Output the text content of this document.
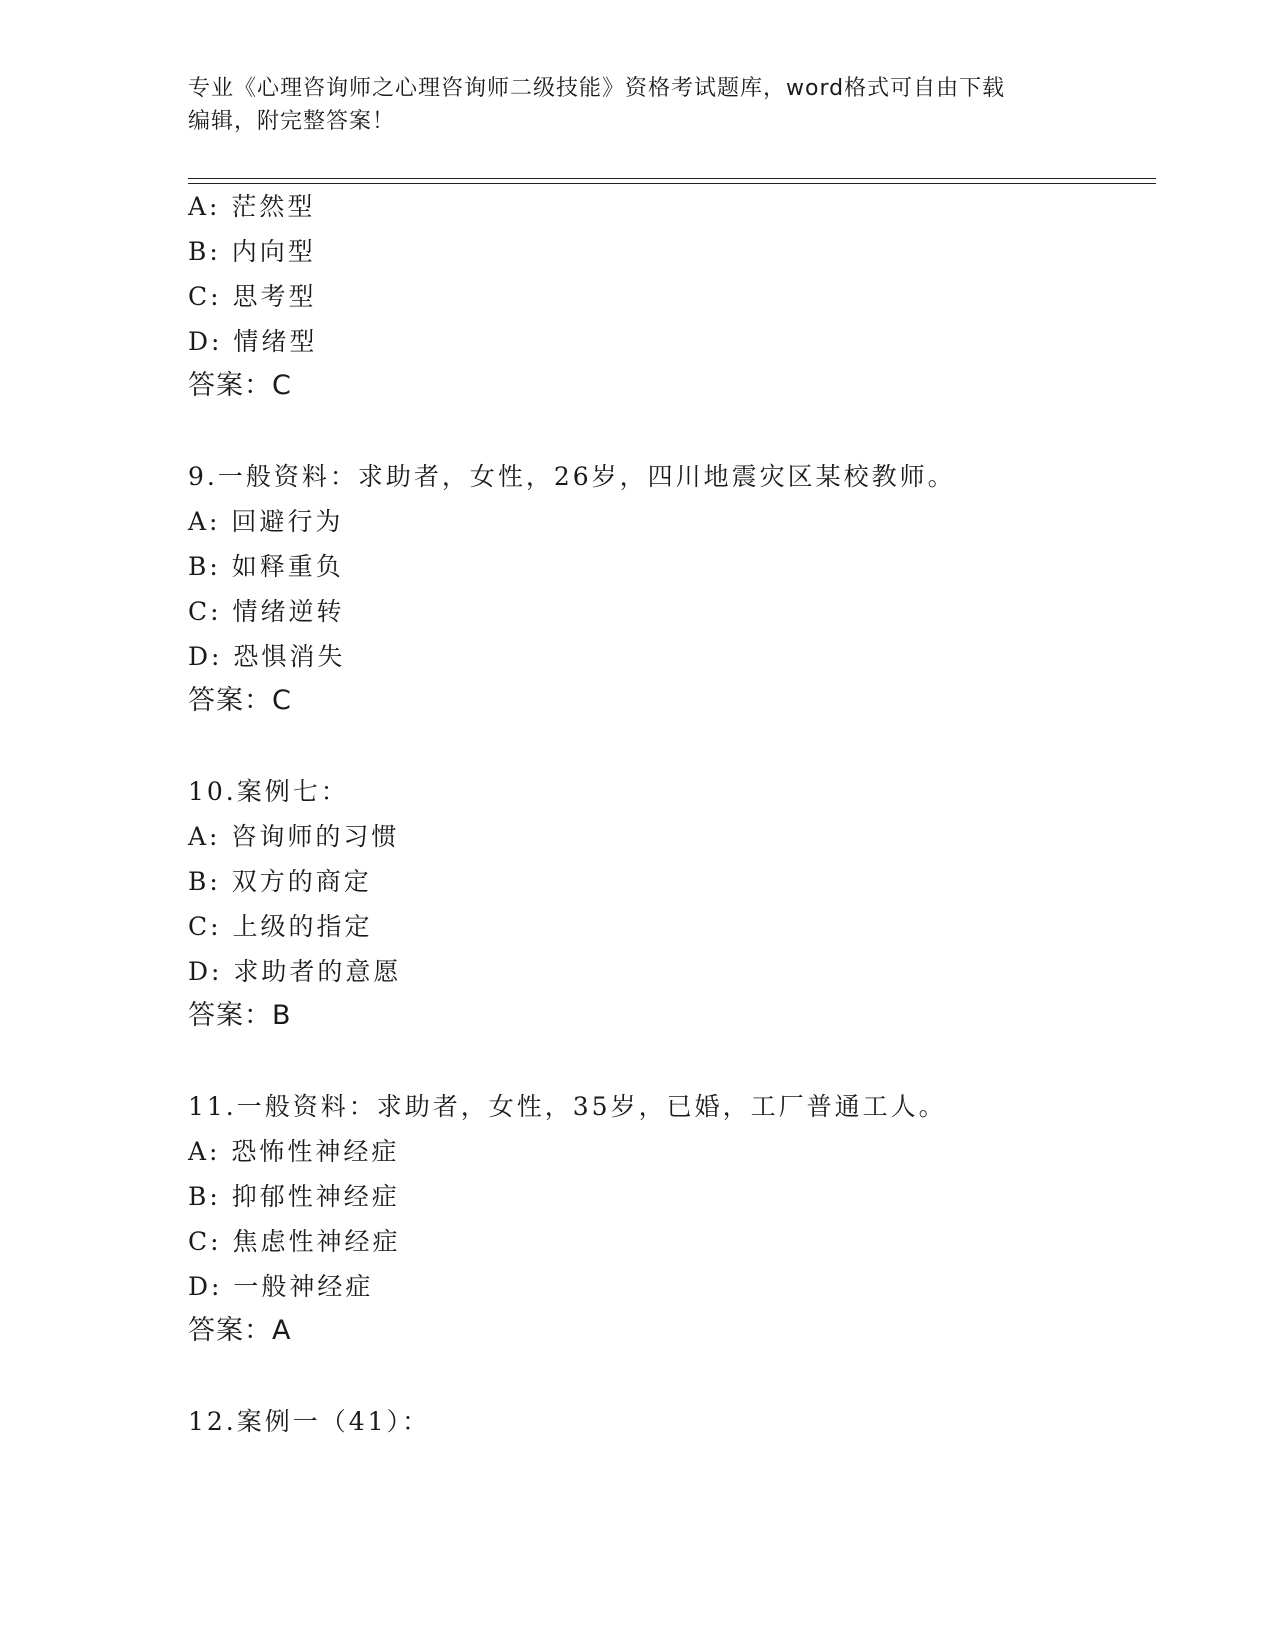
专业《心理咨询师之心理咨询师二级技能》资格考试题库，word格式可自由下载
编辑，附完整答案！
A: 茫然型
B: 内向型
C: 思考型
D: 情绪型
答案：C
9.一般资料：求助者，女性，26岁，四川地震灾区某校教师。
A: 回避行为
B: 如释重负
C: 情绪逆转
D: 恐惧消失
答案：C
10.案例七：
A: 咨询师的习惯
B: 双方的商定
C: 上级的指定
D: 求助者的意愿
答案：B
11.一般资料：求助者，女性，35岁，已婚，工厂普通工人。
A: 恐怖性神经症
B: 抑郁性神经症
C: 焦虑性神经症
D: 一般神经症
答案：A
12.案例一（41）：
